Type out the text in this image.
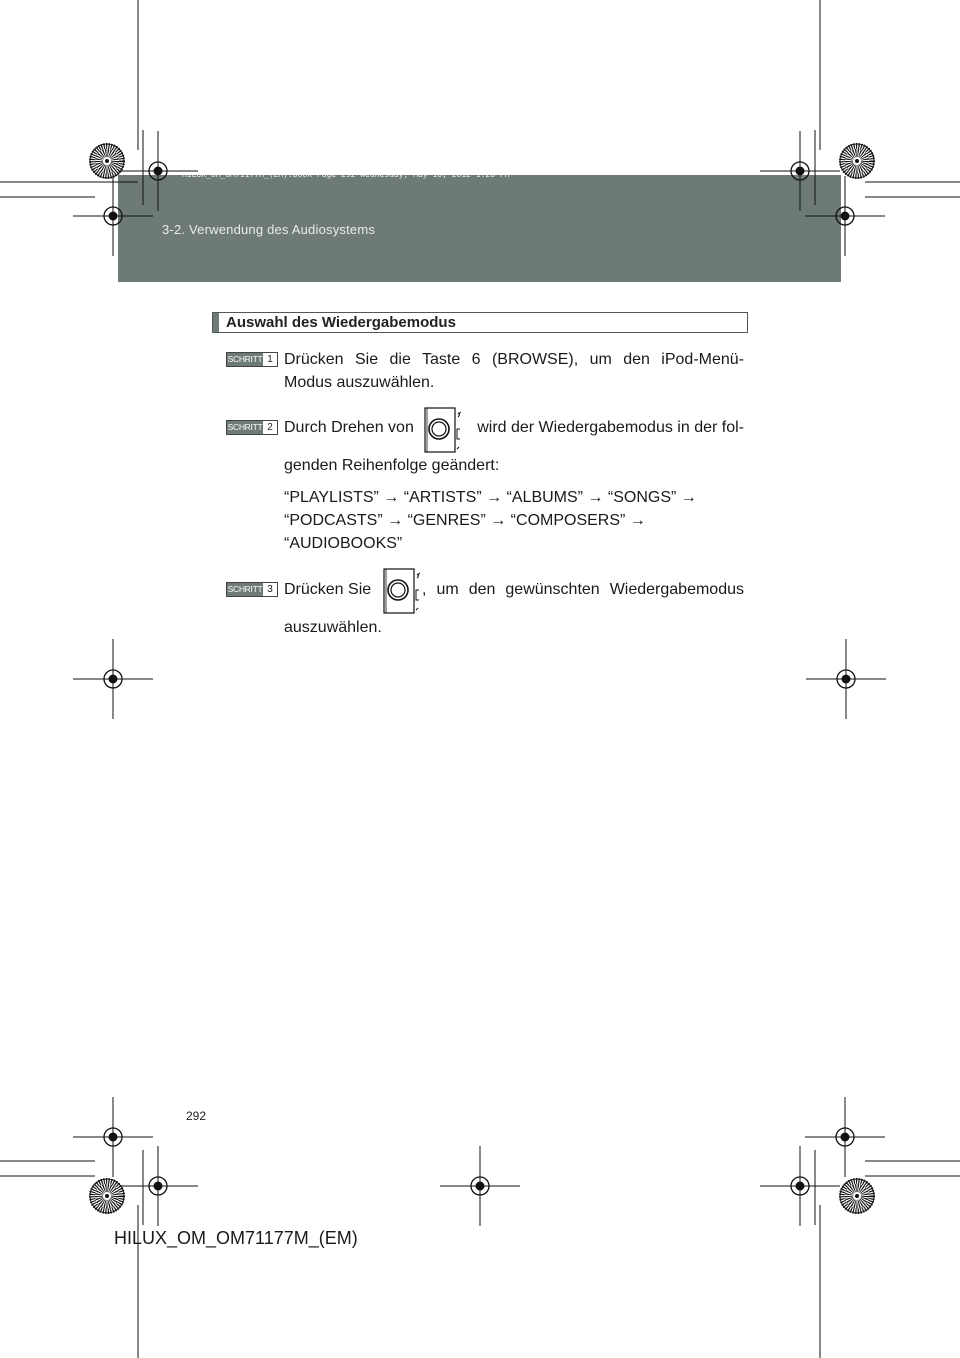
HILUX_OM_OM71177M_(EM).book Page 292 Wednesday, May 16, 2012 1:28 PM
3-2. Verwendung des Audiosystems
Auswahl des Wiedergabemodus
SCHRITT 1 Drücken Sie die Taste 6 (BROWSE), um den iPod-Menü-
Modus auszuwählen.
SCHRITT 2 Durch Drehen von	wird der Wiedergabemodus in der fol-
genden Reihenfolge geändert:
“PLAYLISTS” → “ARTISTS” → “ALBUMS” → “SONGS” →
“PODCASTS” → “GENRES” → “COMPOSERS” →
“AUDIOBOOKS”
SCHRITT 3 Drücken Sie	, um den gewünschten Wiedergabemodus
auszuwählen.
292
HILUX_OM_OM71177M_(EM)
